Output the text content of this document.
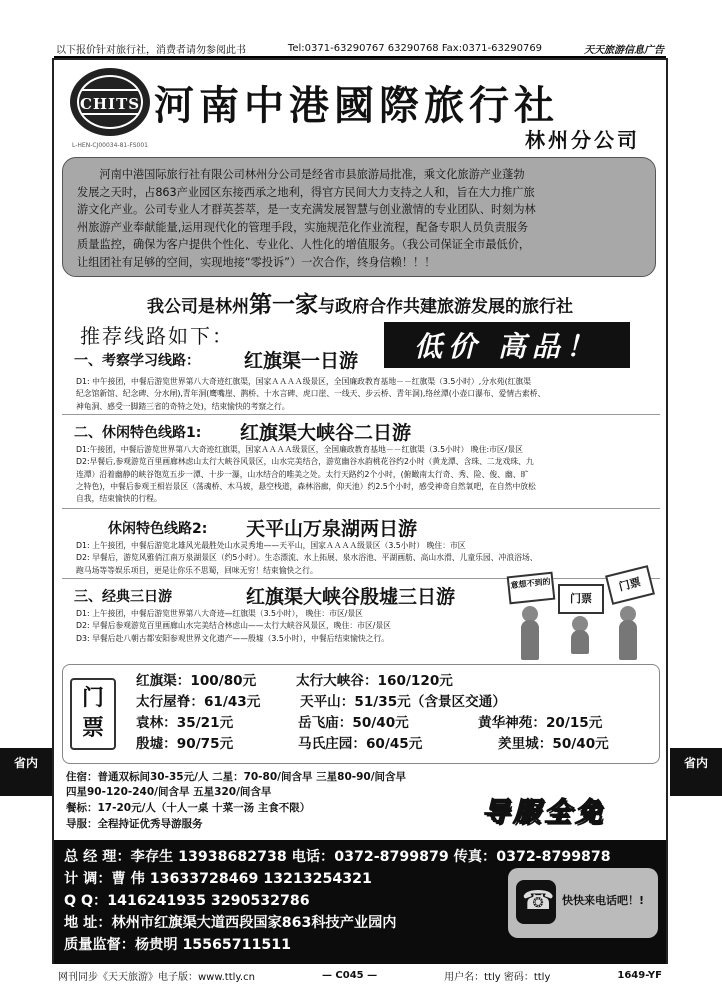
以下报价针对旅行社，消费者请勿参阅此书	Tel:0371-63290767 63290768 Fax:0371-63290769	天天旅游信息广告
CHITS 河南中港國際旅行社
林州分公司
L-HEN-CJ00034-81-FS001

河南中港国际旅行社有限公司林州分公司是经省市县旅游局批准，乘文化旅游产业蓬勃

发展之天时，占863产业园区东接西承之地利，得官方民间大力支持之人和，旨在大力推广旅

游文化产业。公司专业人才群英荟萃，是一支充满发展智慧与创业激情的专业团队、时刻为林

州旅游产业奉献能量,运用现代化的管理手段，实施规范化作业流程，配备专职人员负责服务

质量监控，确保为客户提供个性化、专业化、人性化的增值服务。（我公司保证全市最低价，

让组团社有足够的空间，实现地接“零投诉”）一次合作，终身信赖！！！

我公司是林州第一家与政府合作共建旅游发展的旅行社
推荐线路如下：	低价 高品！
一、考察学习线路： 红旗渠一日游

D1: 中午接团，中餐后游览世界第八大奇迹红旗渠，国家ＡＡＡＡ级景区，全国廉政教育基地－－红旗渠（3.5小时）,分水苑(红旗渠

纪念馆新馆、纪念碑、分水闸),青年洞(鹰嘴崖、鹊桥、十水言碑、虎口崖、一线天、步云桥、青年洞),络丝潭(小壶口瀑布、爱情古索桥、

神龟洞、感受一脚踏三省的奇特之处)，结束愉快的考察之行。

二、休闲特色线路1: 红旗渠大峡谷二日游

D1:午接团，中餐后游览世界第八大奇迹红旗渠，国家ＡＡＡＡ级景区，全国廉政教育基地－－红旗渠（3.5小时） 晚住:市区/景区

D2:早餐后,参观游览百里画廊林虑山太行大峡谷风景区，山水完美结合，游览幽谷水韵桃花谷约2小时（黄龙潭、含珠、二龙戏珠、九

连潭）沿着幽静的峡谷饱览五步一潭、十步一瀑，山水结合的唯美之处。太行天路约2个小时，(俯瞰南太行奇、秀、险、俊、幽、旷

之特色)，中餐后参观王相岩景区（荡魂桥、木马坡，悬空栈道，森林浴廊，仰天池）约2.5个小时，感受神奇自然氧吧，在自然中放松

自我，结束愉快的行程。

休闲特色线路2: 天平山万泉湖两日游

D1: 上午接团，中餐后游览北雄风光最胜处山水灵秀地——天平山，国家ＡＡＡＡ级景区（3.5小时） 晚住：市区

D2: 早餐后，游览风雅俏江南万泉湖景区（约5小时）。生态漂流、水上拓展、泉水浴池、平湖画舫、高山水滑、儿童乐园、冲浪浴场、

跑马场等等娱乐项目，更是让你乐不思蜀，回味无穷！结束愉快之行。

三、经典三日游	红旗渠大峡谷殷墟三日游

D1: 上午接团，中餐后游览世界第八大奇迹—红旗渠（3.5小时）， 晚住：市区/景区

D2: 早餐后参观游览百里画廊山水完美结合林虑山——太行大峡谷风景区，晚住：市区/景区

D3: 早餐后赴八朝古都安阳参观世界文化遗产——殷墟（3.5小时），中餐后结束愉快之行。

意想不到的
门票
门票
门票
红旗渠：100/80元	太行大峡谷：160/120元
太行屋脊：61/43元	天平山：51/35元（含景区交通）
袁林：35/21元	岳飞庙：50/40元	黄华神苑：20/15元
殷墟：90/75元	马氏庄园：60/45元	羑里城：50/40元
省内	省内
住宿：普通双标间30-35元/人 二星：70-80/间含早 三星80-90/间含早
四星90-120-240/间含早 五星320/间含早
餐标：17-20元/人（十人一桌 十菜一汤 主食不限）
导服：全程持证优秀导游服务	导服全免
总 经 理：李存生 13938682738 电话：0372-8799879 传真：0372-8799878
计 调：曹 伟 13633728469 13213254321
Q Q：1416241935 3290532786
地 址：林州市红旗渠大道西段国家863科技产业园内
质量监督：杨贵明 15565711511
☎
快快来电话吧！!
网刊同步《天天旅游》电子版：www.ttly.cn	— C045 —	用户名：ttly 密码：ttly	1649-YF
